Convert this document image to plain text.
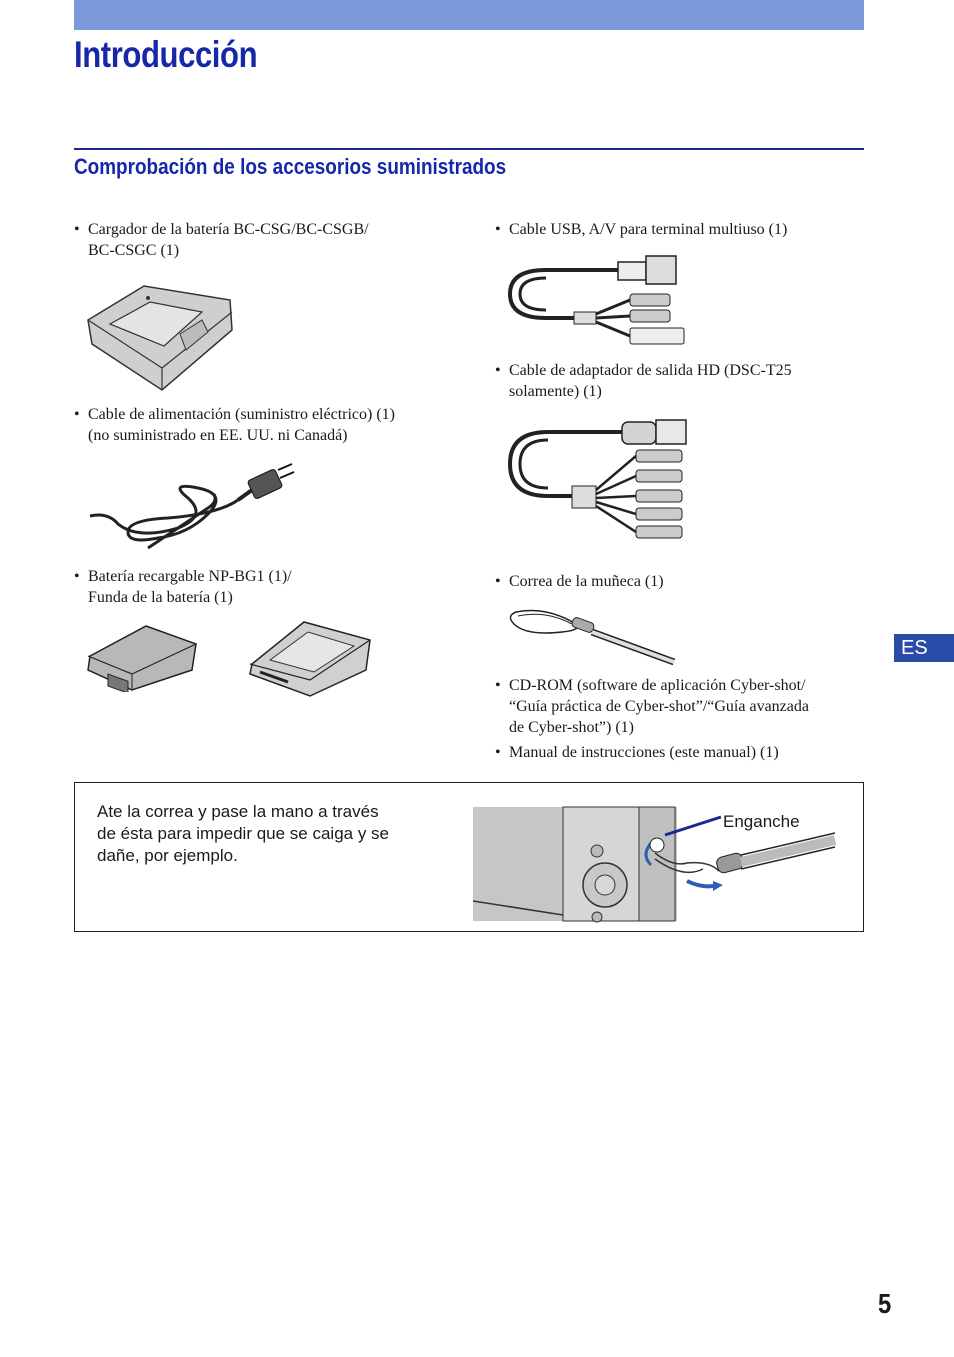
Introducción
Comprobación de los accesorios suministrados
• Cargador de la batería BC-CSG/BC-CSGB/
BC-CSGC (1)
• Cable de alimentación (suministro eléctrico) (1)
(no suministrado en EE. UU. ni Canadá)
• Batería recargable NP-BG1 (1)/
Funda de la batería (1)
• Cable USB, A/V para terminal multiuso (1)
• Cable de adaptador de salida HD (DSC-T25
solamente) (1)
• Correa de la muñeca (1)
• CD-ROM (software de aplicación Cyber-shot/
“Guía práctica de Cyber-shot”/“Guía avanzada
de Cyber-shot”) (1)
• Manual de instrucciones (este manual) (1)
ES
Ate la correa y pase la mano a través
de ésta para impedir que se caiga y se
dañe, por ejemplo.
Enganche
5
